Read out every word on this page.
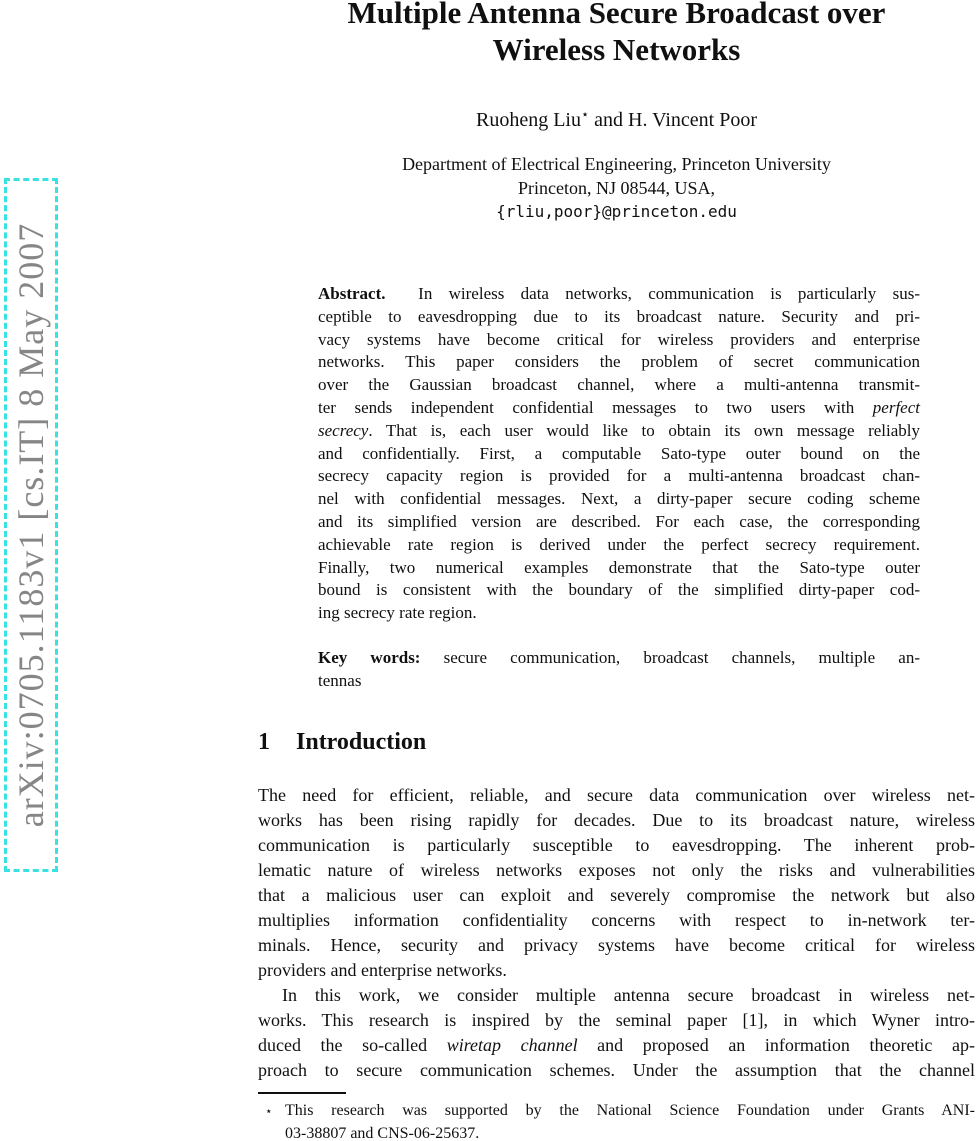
arXiv:0705.1183v1 [cs.IT] 8 May 2007
Multiple Antenna Secure Broadcast over
Wireless Networks
Ruoheng Liu⋆ and H. Vincent Poor
Department of Electrical Engineering, Princeton University
Princeton, NJ 08544, USA,
{rliu,poor}@princeton.edu
Abstract.  In wireless data networks, communication is particularly sus-
ceptible to eavesdropping due to its broadcast nature. Security and pri-
vacy systems have become critical for wireless providers and enterprise
networks. This paper considers the problem of secret communication
over the Gaussian broadcast channel, where a multi-antenna transmit-
ter sends independent confidential messages to two users with perfect
secrecy. That is, each user would like to obtain its own message reliably
and confidentially. First, a computable Sato-type outer bound on the
secrecy capacity region is provided for a multi-antenna broadcast chan-
nel with confidential messages. Next, a dirty-paper secure coding scheme
and its simplified version are described. For each case, the corresponding
achievable rate region is derived under the perfect secrecy requirement.
Finally, two numerical examples demonstrate that the Sato-type outer
bound is consistent with the boundary of the simplified dirty-paper cod-
ing secrecy rate region.
Key words: secure communication, broadcast channels, multiple an-
tennas
1 Introduction
The need for efficient, reliable, and secure data communication over wireless net-
works has been rising rapidly for decades. Due to its broadcast nature, wireless
communication is particularly susceptible to eavesdropping. The inherent prob-
lematic nature of wireless networks exposes not only the risks and vulnerabilities
that a malicious user can exploit and severely compromise the network but also
multiplies information confidentiality concerns with respect to in-network ter-
minals. Hence, security and privacy systems have become critical for wireless
providers and enterprise networks.
In this work, we consider multiple antenna secure broadcast in wireless net-
works. This research is inspired by the seminal paper [1], in which Wyner intro-
duced the so-called wiretap channel and proposed an information theoretic ap-
proach to secure communication schemes. Under the assumption that the channel
⋆ This research was supported by the National Science Foundation under Grants ANI-
03-38807 and CNS-06-25637.
